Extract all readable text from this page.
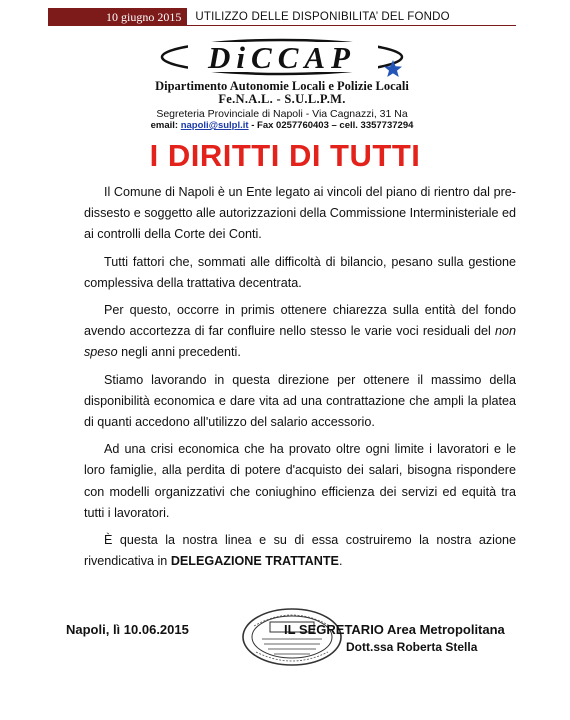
10 giugno 2015	UTILIZZO DELLE DISPONIBILITA’ DEL FONDO
DiCCAP
Dipartimento Autonomie Locali e Polizie Locali
Fe.N.A.L. - S.U.L.P.M.
Segreteria Provinciale di Napoli - Via Cagnazzi, 31 Na
email: napoli@sulpl.it - Fax 0257760403 – cell. 3357737294
I DIRITTI DI TUTTI

Il Comune di Napoli è un Ente legato ai vincoli del piano di rientro dal pre-dissesto e soggetto alle autorizzazioni della Commissione Interministeriale ed ai controlli della Corte dei Conti.

Tutti fattori che, sommati alle difficoltà di bilancio, pesano sulla gestione complessiva della trattativa decentrata.

Per questo, occorre in primis ottenere chiarezza sulla entità del fondo avendo accortezza di far confluire nello stesso le varie voci residuali del non speso negli anni precedenti.

Stiamo lavorando in questa direzione per ottenere il massimo della disponibilità economica e dare vita ad una contrattazione che ampli la platea di quanti accedono all'utilizzo del salario accessorio.

Ad una crisi economica che ha provato oltre ogni limite i lavoratori e le loro famiglie, alla perdita di potere d'acquisto dei salari, bisogna rispondere con modelli organizzativi che coniughino efficienza dei servizi ed equità tra tutti i lavoratori.

È questa la nostra linea e su di essa costruiremo la nostra azione rivendicativa in DELEGAZIONE TRATTANTE.

Napoli, lì 10.06.2015	IL SEGRETARIO Area Metropolitana
Dott.ssa Roberta Stella
